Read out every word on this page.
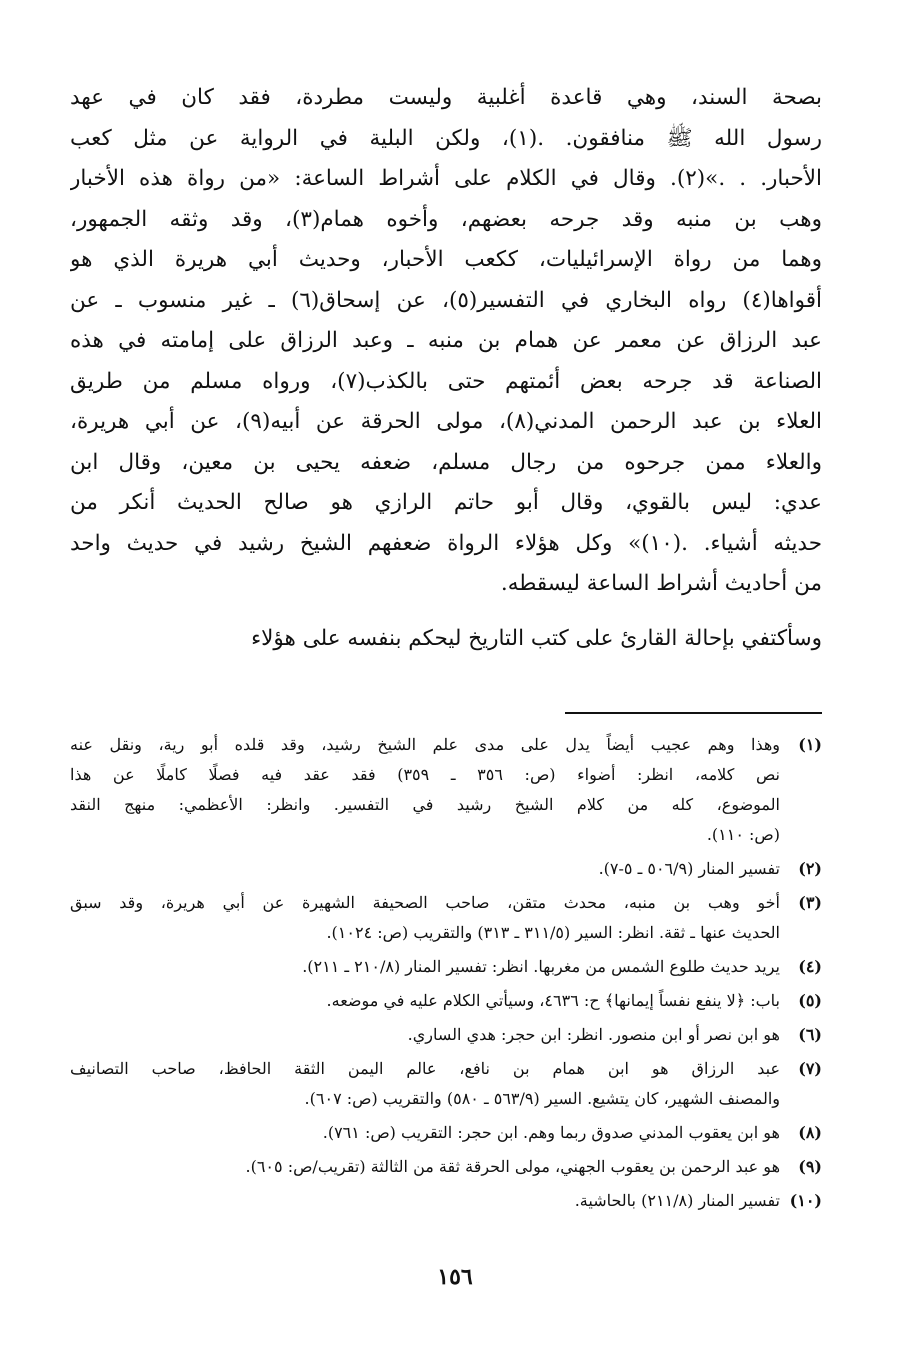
بصحة السند، وهي قاعدة أغلبية وليست مطردة، فقد كان في عهد
رسول الله ﷺ منافقون. .(١)، ولكن البلية في الرواية عن مثل كعب
الأحبار. . .»(٢). وقال في الكلام على أشراط الساعة: «من رواة هذه الأخبار
وهب بن منبه وقد جرحه بعضهم، وأخوه همام(٣)، وقد وثقه الجمهور،
وهما من رواة الإسرائيليات، ككعب الأحبار، وحديث أبي هريرة الذي هو
أقواها(٤) رواه البخاري في التفسير(٥)، عن إسحاق(٦) ـ غير منسوب ـ عن
عبد الرزاق عن معمر عن همام بن منبه ـ وعبد الرزاق على إمامته في هذه
الصناعة قد جرحه بعض أئمتهم حتى بالكذب(٧)، ورواه مسلم من طريق
العلاء بن عبد الرحمن المدني(٨)، مولى الحرقة عن أبيه(٩)، عن أبي هريرة،
والعلاء ممن جرحوه من رجال مسلم، ضعفه يحيى بن معين، وقال ابن
عدي: ليس بالقوي، وقال أبو حاتم الرازي هو صالح الحديث أنكر من
حديثه أشياء. .(١٠)» وكل هؤلاء الرواة ضعفهم الشيخ رشيد في حديث واحد
من أحاديث أشراط الساعة ليسقطه.
وسأكتفي بإحالة القارئ على كتب التاريخ ليحكم بنفسه على هؤلاء
(١)
وهذا وهم عجيب أيضاً يدل على مدى علم الشيخ رشيد، وقد قلده أبو رية، ونقل عنه
نص كلامه، انظر: أضواء (ص: ٣٥٦ ـ ٣٥٩) فقد عقد فيه فصلًا كاملًا عن هذا
الموضوع، كله من كلام الشيخ رشيد في التفسير. وانظر: الأعظمي: منهج النقد
(ص: ١١٠).
(٢)
تفسير المنار (٥٠٦/٩ ـ ٥-٧).
(٣)
أخو وهب بن منبه، محدث متقن، صاحب الصحيفة الشهيرة عن أبي هريرة، وقد سبق
الحديث عنها ـ ثقة. انظر: السير (٣١١/٥ ـ ٣١٣) والتقريب (ص: ١٠٢٤).
(٤)
يريد حديث طلوع الشمس من مغربها. انظر: تفسير المنار (٢١٠/٨ ـ ٢١١).
(٥)
باب: ﴿لا ينفع نفساً إيمانها﴾ ح: ٤٦٣٦، وسيأتي الكلام عليه في موضعه.
(٦)
هو ابن نصر أو ابن منصور. انظر: ابن حجر: هدي الساري.
(٧)
عبد الرزاق هو ابن همام بن نافع، عالم اليمن الثقة الحافظ، صاحب التصانيف
والمصنف الشهير، كان يتشيع. السير (٥٦٣/٩ ـ ٥٨٠) والتقريب (ص: ٦٠٧).
(٨)
هو ابن يعقوب المدني صدوق ربما وهم. ابن حجر: التقريب (ص: ٧٦١).
(٩)
هو عبد الرحمن بن يعقوب الجهني، مولى الحرقة ثقة من الثالثة (تقريب/ص: ٦٠٥).
(١٠)
تفسير المنار (٢١١/٨) بالحاشية.
١٥٦
